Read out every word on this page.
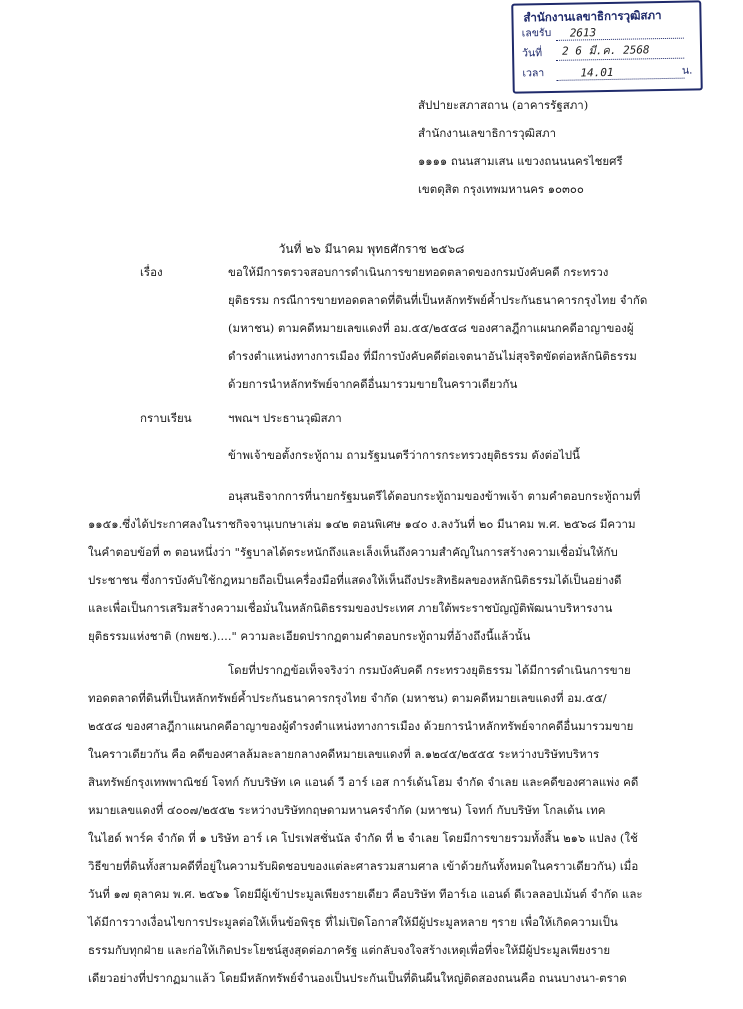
สำนักงานเลขาธิการวุฒิสภา
เลขรับ 2613
วันที่ 2 6 มี.ค. 2568
เวลา	14.01	น.
สัปปายะสภาสถาน (อาคารรัฐสภา)
สำนักงานเลขาธิการวุฒิสภา
๑๑๑๑ ถนนสามเสน แขวงถนนนครไชยศรี
เขตดุสิต กรุงเทพมหานคร ๑๐๓๐๐
วันที่ ๒๖ มีนาคม พุทธศักราช ๒๕๖๘
เรื่อง	ขอให้มีการตรวจสอบการดำเนินการขายทอดตลาดของกรมบังคับคดี กระทรวง
ยุติธรรม กรณีการขายทอดตลาดที่ดินที่เป็นหลักทรัพย์ค้ำประกันธนาคารกรุงไทย จำกัด
(มหาชน) ตามคดีหมายเลขแดงที่ อม.๕๕/๒๕๕๘ ของศาลฎีกาแผนกคดีอาญาของผู้
ดำรงตำแหน่งทางการเมือง ที่มีการบังคับคดีต่อเจตนาอันไม่สุจริตขัดต่อหลักนิติธรรม
ด้วยการนำหลักทรัพย์จากคดีอื่นมารวมขายในคราวเดียวกัน
กราบเรียน	ฯพณฯ ประธานวุฒิสภา
ข้าพเจ้าขอตั้งกระทู้ถาม ถามรัฐมนตรีว่าการกระทรวงยุติธรรม ดังต่อไปนี้
อนุสนธิจากการที่นายกรัฐมนตรีได้ตอบกระทู้ถามของข้าพเจ้า ตามคำตอบกระทู้ถามที่
๑๑๕๑.ซึ่งได้ประกาศลงในราชกิจจานุเบกษาเล่ม ๑๔๒ ตอนพิเศษ ๑๔๐ ง.ลงวันที่ ๒๐ มีนาคม พ.ศ. ๒๕๖๘ มีความ
ในคำตอบข้อที่ ๓ ตอนหนึ่งว่า "รัฐบาลได้ตระหนักถึงและเล็งเห็นถึงความสำคัญในการสร้างความเชื่อมั่นให้กับ
ประชาชน ซึ่งการบังคับใช้กฎหมายถือเป็นเครื่องมือที่แสดงให้เห็นถึงประสิทธิผลของหลักนิติธรรมได้เป็นอย่างดี
และเพื่อเป็นการเสริมสร้างความเชื่อมั่นในหลักนิติธรรมของประเทศ ภายใต้พระราชบัญญัติพัฒนาบริหารงาน
ยุติธรรมแห่งชาติ (กพยช.)...." ความละเอียดปรากฏตามคำตอบกระทู้ถามที่อ้างถึงนี้แล้วนั้น
โดยที่ปรากฏข้อเท็จจริงว่า กรมบังคับคดี กระทรวงยุติธรรม ได้มีการดำเนินการขาย
ทอดตลาดที่ดินที่เป็นหลักทรัพย์ค้ำประกันธนาคารกรุงไทย จำกัด (มหาชน) ตามคดีหมายเลขแดงที่ อม.๕๕/
๒๕๕๘ ของศาลฎีกาแผนกคดีอาญาของผู้ดำรงตำแหน่งทางการเมือง ด้วยการนำหลักทรัพย์จากคดีอื่นมารวมขาย
ในคราวเดียวกัน คือ คดีของศาลล้มละลายกลางคดีหมายเลขแดงที่ ล.๑๒๔๕/๒๕๕๕ ระหว่างบริษัทบริหาร
สินทรัพย์กรุงเทพพาณิชย์ โจทก์ กับบริษัท เค แอนด์ วี อาร์ เอส การ์เด้นโฮม จำกัด จำเลย และคดีของศาลแพ่ง คดี
หมายเลขแดงที่ ๔๐๐๗/๒๕๕๒ ระหว่างบริษัทกฤษดามหานครจำกัด (มหาชน) โจทก์ กับบริษัท โกลเด้น เทค
ในไฮด์ พาร์ค จำกัด ที่ ๑ บริษัท อาร์ เค โปรเฟสชั่นนัล จำกัด ที่ ๒ จำเลย โดยมีการขายรวมทั้งสิ้น ๒๑๖ แปลง (ใช้
วิธีขายที่ดินทั้งสามคดีที่อยู่ในความรับผิดชอบของแต่ละศาลรวมสามศาล เข้าด้วยกันทั้งหมดในคราวเดียวกัน) เมื่อ
วันที่ ๑๗ ตุลาคม พ.ศ. ๒๕๖๑ โดยมีผู้เข้าประมูลเพียงรายเดียว คือบริษัท ทีอาร์เอ แอนด์ ดีเวลลอปเม้นต์ จำกัด และ
ได้มีการวางเงื่อนไขการประมูลต่อให้เห็นข้อพิรุธ ที่ไม่เปิดโอกาสให้มีผู้ประมูลหลาย ๆราย เพื่อให้เกิดความเป็น
ธรรมกับทุกฝ่าย และก่อให้เกิดประโยชน์สูงสุดต่อภาครัฐ แต่กลับจงใจสร้างเหตุเพื่อที่จะให้มีผู้ประมูลเพียงราย
เดียวอย่างที่ปรากฏมาแล้ว โดยมีหลักทรัพย์จำนองเป็นประกันเป็นที่ดินผืนใหญ่ติดสองถนนคือ ถนนบางนา-ตราด
